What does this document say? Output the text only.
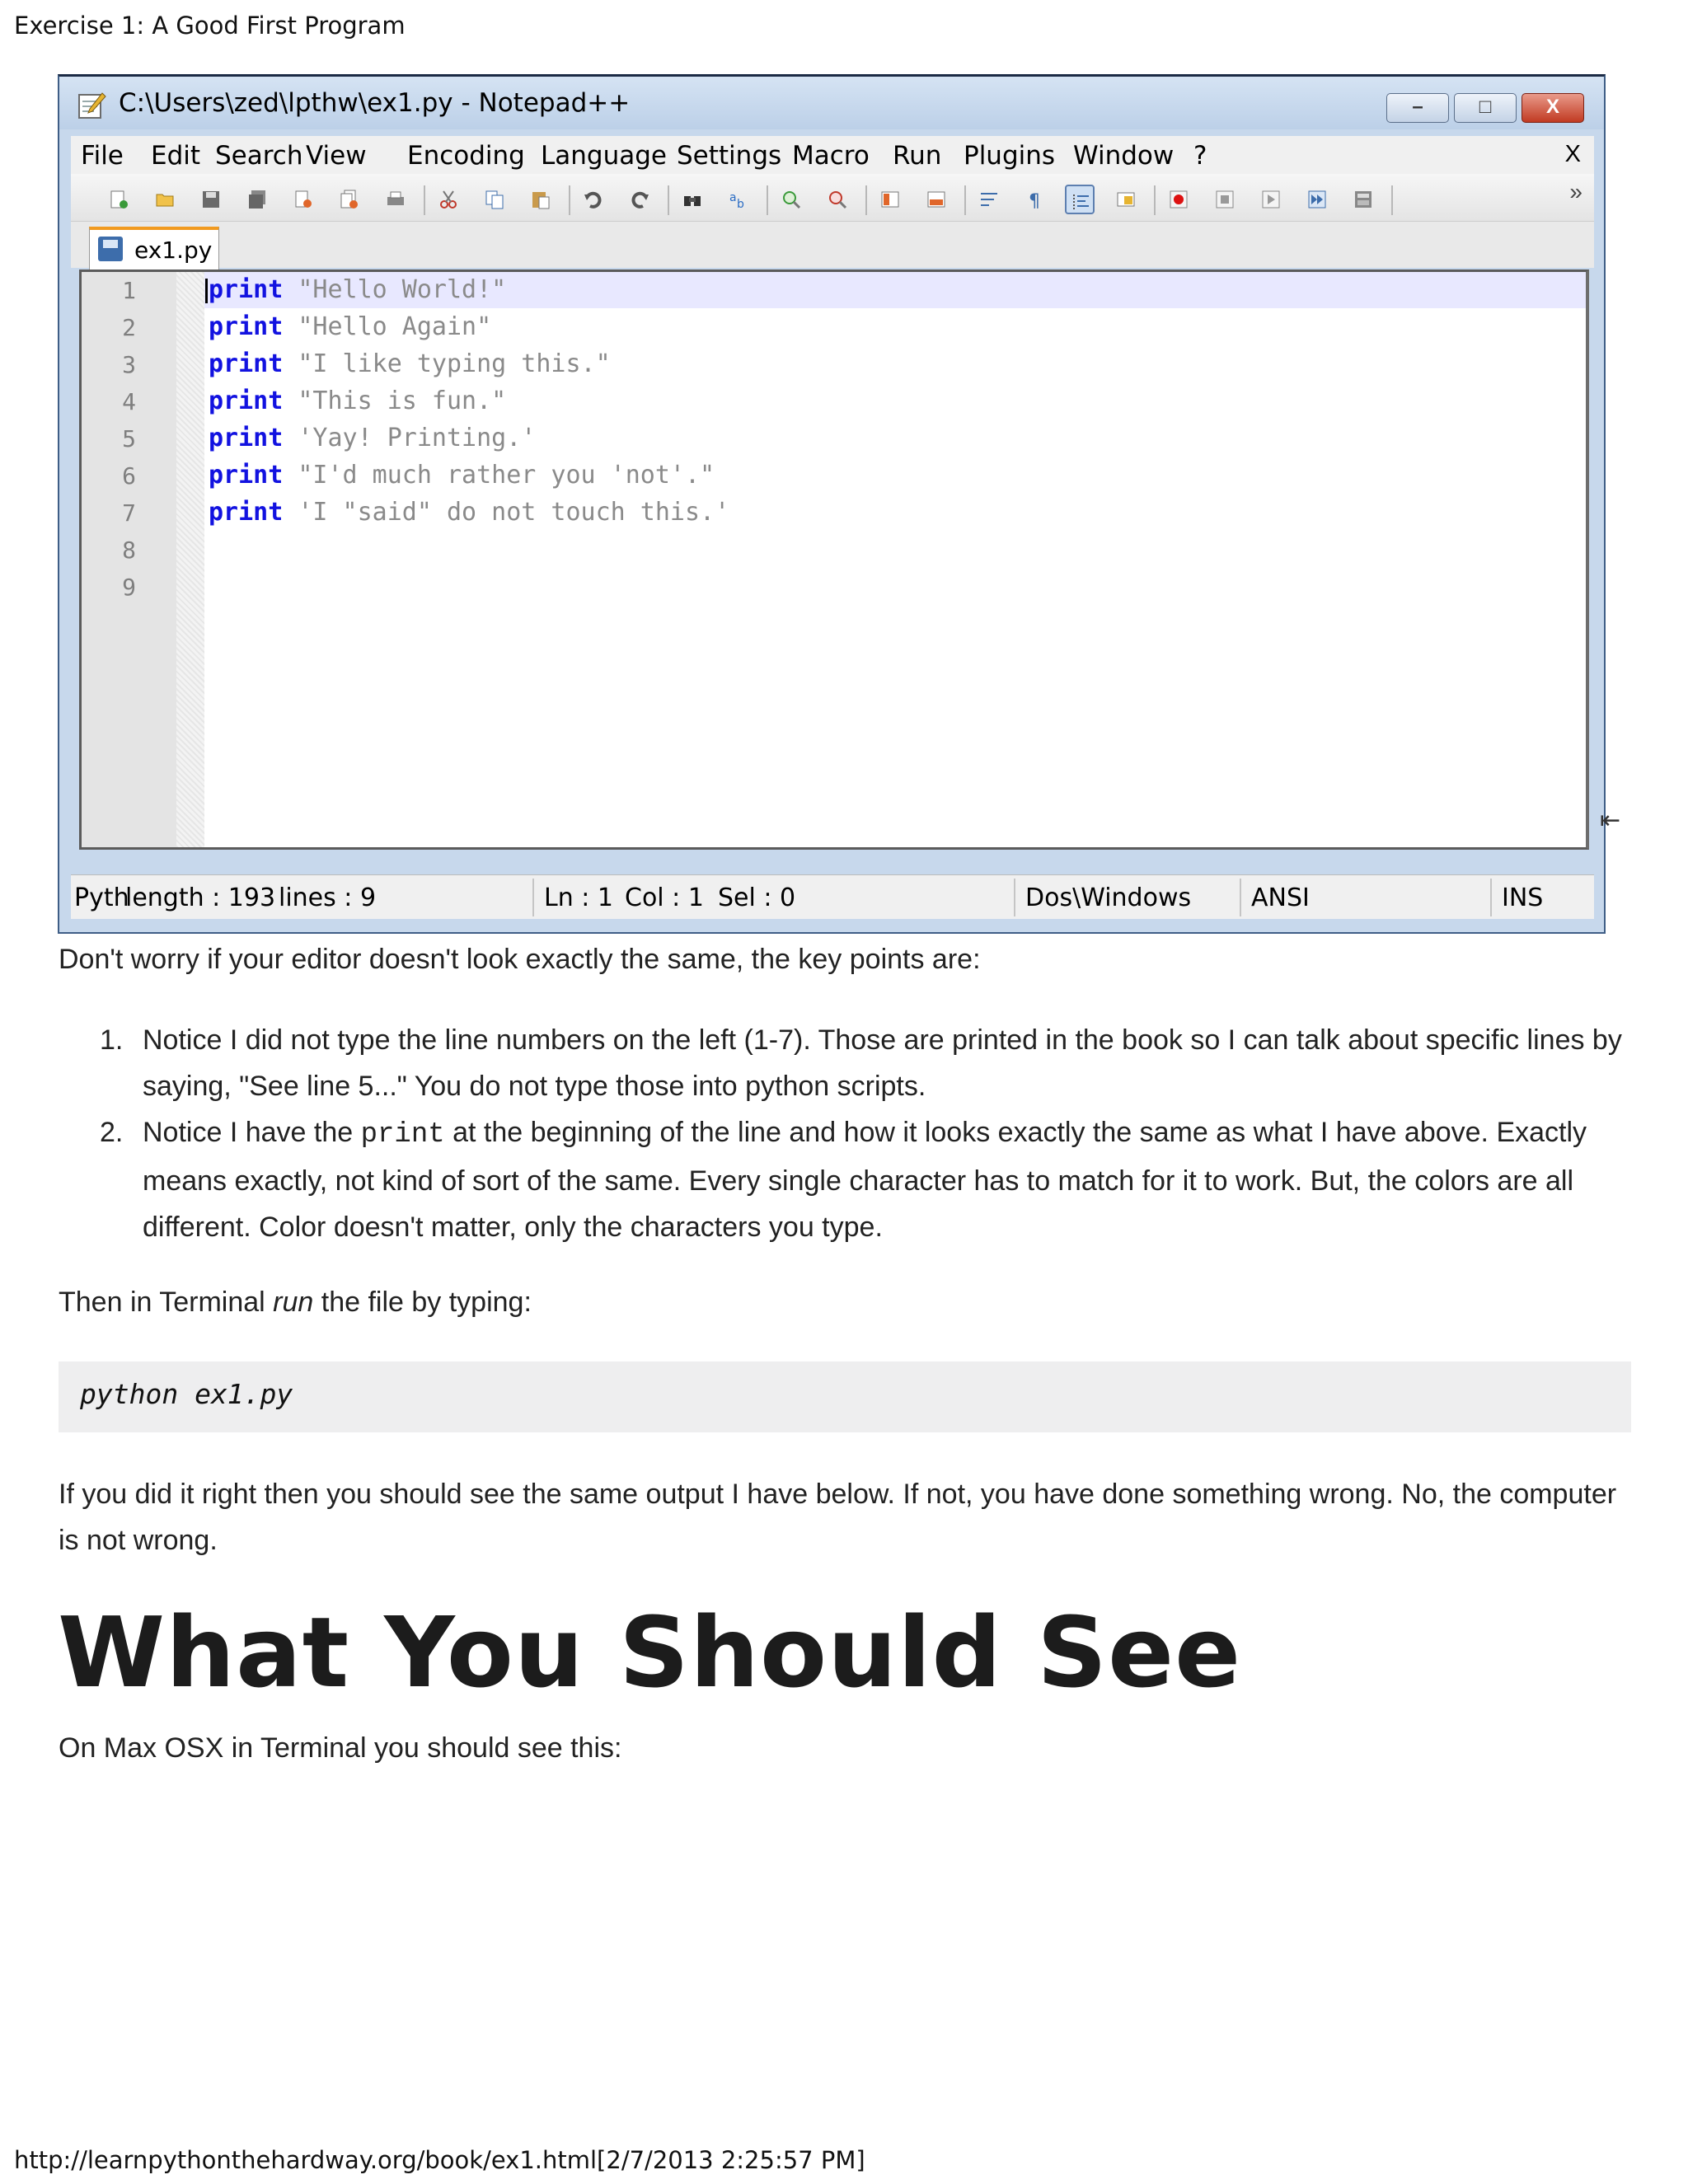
Exercise 1: A Good First Program
C:\Users\zed\lpthw\ex1.py - Notepad++	–	□	X
File Edit Search View Encoding Language Settings Macro Run Plugins Window ?	X
a b	¶	»
ex1.py
1
2
3
4
5
6
7
8
9
print "Hello World!"
print "Hello Again"
print "I like typing this."
print "This is fun."
print 'Yay! Printing.'
print "I'd much rather you 'not'."
print 'I "said" do not touch this.'
⇤
Pyth
length : 193 lines : 9	Ln : 1 Col : 1 Sel : 0	Dos\Windows ANSI	INS

Don't worry if your editor doesn't look exactly the same, the key points are:

1. Notice I did not type the line numbers on the left (1-7). Those are printed in the book so I can talk about specific lines by saying, "See line 5..." You do not type those into python scripts.
2. Notice I have the print at the beginning of the line and how it looks exactly the same as what I have above. Exactly means exactly, not kind of sort of the same. Every single character has to match for it to work. But, the colors are all different. Color doesn't matter, only the characters you type.

Then in Terminal run the file by typing:

python ex1.py

If you did it right then you should see the same output I have below. If not, you have done something wrong. No, the computer is not wrong.

What You Should See

On Max OSX in Terminal you should see this:

http://learnpythonthehardway.org/book/ex1.html[2/7/2013 2:25:57 PM]
